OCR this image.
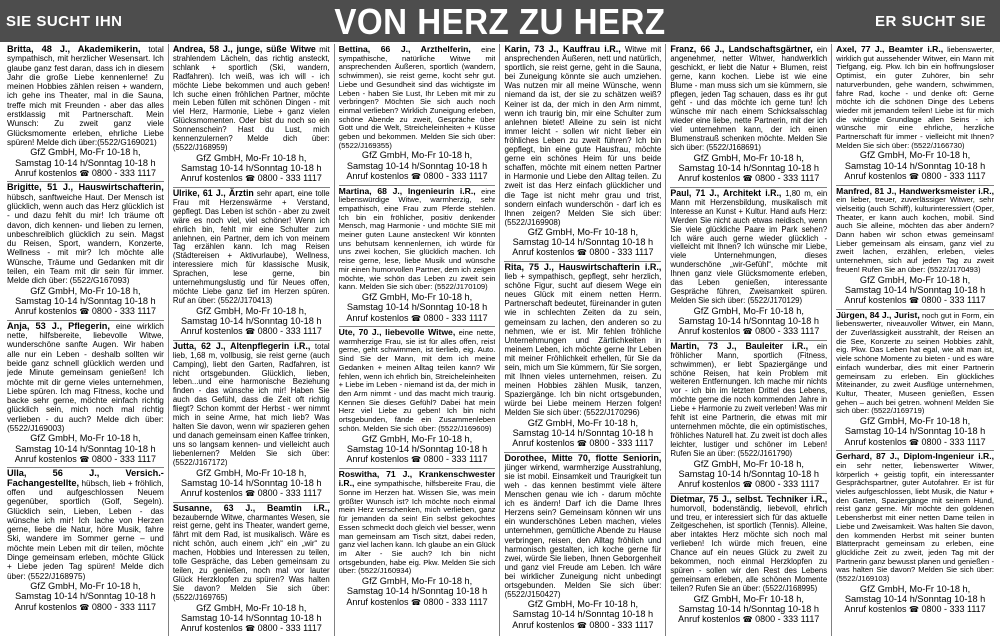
SIE SUCHT IHN	VON HERZ ZU HERZ	ER SUCHT SIE

Britta, 48 J., Akademikerin, total sympathisch, mit herzlicher Wesensart. Ich glaube ganz fest daran, dass ich in diesem Jahr die große Liebe kennenlerne! Zu meinen Hobbies zählen reisen + wandern, ich gehe ins Theater, mal in die Sauna, treffe mich mit Freunden - aber das alles erstklassig mit Partnerschaft. Mein Wunsch: Zu zweit ganz viele Glücksmomente erleben, ehrliche Liebe spüren! Melde dich über:(5522/G169021)

GfZ GmbH, Mo-Fr 10-18 h,
Samstag 10-14 h/Sonntag 10-18 h
Anruf kostenlos ☎ 0800 - 333 1117

Brigitte, 51 J., Hauswirtschafterin, hübsch, sanftweiche Haut. Der Mensch ist glücklich, wenn auch das Herz glücklich ist - und dazu fehlt du mir! Ich träume oft davon, dich kennen- und lieben zu lernen, unbeschreiblich glücklich zu sein. Magst du Reisen, Sport, wandern, Konzerte, Wellness - mit mir? Ich möchte alle Wünsche, Träume und Gedanken mit dir teilen, ein Team mit dir sein für immer. Melde dich über: (5522/G167093)

GfZ GmbH, Mo-Fr 10-18 h,
Samstag 10-14 h/Sonntag 10-18 h
Anruf kostenlos ☎ 0800 - 333 1117

Anja, 53 J., Pflegerin, eine wirklich nette, hilfsbereite, liebevolle Witwe, wunderschöne sanfte Augen. Wir haben alle nur ein Leben - deshalb sollten wir beide ganz schnell glücklich werden und jede Minute gemeinsam genießen! Ich möchte mit dir gerne vieles unternehmen, Liebe spüren. Ich mag Fitness, koche und backe sehr gerne, möchte einfach richtig glücklich sein, mich noch mal richtig verlieben - du auch? Melde dich über: (5522/J169003)

GfZ GmbH, Mo-Fr 10-18 h,
Samstag 10-14 h/Sonntag 10-18 h
Anruf kostenlos ☎ 0800 - 333 1117

Ulla, 56 J., Versich.-Fachangestellte, hübsch, lieb + fröhlich, offen und aufgeschlossen Neuem gegenüber, sportlich (Golf, Segeln). Glücklich sein, Lieben, Leben - das wünsche ich mir! Ich lache von Herzen gerne, liebe die Natur, höre Musik, fahre Ski, wandere im Sommer gerne – und möchte mein Leben mit dir teilen, möchte Dinge gemeinsam erleben, möchte Glück + Liebe jeden Tag spüren! Melde dich über: (5522/J168975)

GfZ GmbH, Mo-Fr 10-18 h,
Samstag 10-14 h/Sonntag 10-18 h
Anruf kostenlos ☎ 0800 - 333 1117

Andrea, 58 J., junge, süße Witwe mit strahlendem Lächeln, das richtig ansteckt, schlank + sportlich (Ski, wandern, Radfahren). Ich weiß, was ich will - ich möchte Liebe bekommen und auch geben! Ich suche einen fröhlichen Partner, möchte mein Leben füllen mit schönen Dingen - mit viel Herz, Harmonie, Liebe + ganz vielen Glücksmomenten. Oder bist du noch so ein Sonnenschein? Hast du Lust, mich kennenzulernen? Melde dich über: (5522/J168959)

GfZ GmbH, Mo-Fr 10-18 h,
Samstag 10-14 h/Sonntag 10-18 h
Anruf kostenlos ☎ 0800 - 333 1117

Ulrike, 61 J., Ärztin sehr apart, eine tolle Frau mit Herzenswärme + Verstand, gepflegt. Das Leben ist schön - aber zu zweit wäre es noch viel, viel schöner! Wenn ich ehrlich bin, fehlt mir eine Schulter zum anlehnen, ein Partner, dem ich von meinem Tag erzählen kann. Ich mag Reisen (Städtereisen + Aktivurlaube), Wellness, interessiere mich für klassische Musik, Sprachen, lese gerne, bin unternehmungslustig und für Neues offen, möchte Liebe ganz tief im Herzen spüren. Ruf an über: (5522/J170413)

GfZ GmbH, Mo-Fr 10-18 h,
Samstag 10-14 h/Sonntag 10-18 h
Anruf kostenlos ☎ 0800 - 333 1117

Jutta, 62 J., Altenpflegerin i.R., total lieb, 1,68 m, vollbusig, sie reist gerne (auch Camping), liebt den Garten, Radfahren, ist nicht ortsgebunden. Glücklich, lieben, leben...und eine harmonische Beziehung finden - das wünsche ich mir! Haben Sie auch das Gefühl, dass die Zeit oft richtig fliegt? Schon kommt der Herbst - wer nimmt mich in seine Arme, hat mich lieb? Was halten Sie davon, wenn wir spazieren gehen und danach gemeinsam einen Kaffee trinken, uns so langsam kennen- und vielleicht auch liebenlernen? Melden Sie sich über: (5522/J167172)

GfZ GmbH, Mo-Fr 10-18 h,
Samstag 10-14 h/Sonntag 10-18 h
Anruf kostenlos ☎ 0800 - 333 1117

Susanne, 63 J., Beamtin i.R., bezaubernde Witwe, charmantes Wesen, sie reist gerne, geht ins Theater, wandert gerne, fährt mit dem Rad, ist musikalisch. Wäre es nicht schön, auch einem „ich“ ein „wir“ zu machen, Hobbies und Interessen zu teilen, tolle Gespräche, das Leben gemeinsam zu teilen, zu genießen, noch mal vor lauter Glück Herzklopfen zu spüren? Was halten Sie davon? Melden Sie sich über: (5522/J169765)

GfZ GmbH, Mo-Fr 10-18 h,
Samstag 10-14 h/Sonntag 10-18 h
Anruf kostenlos ☎ 0800 - 333 1117

Bettina, 66 J., Arzthelferin, eine sympathische, natürliche Witwe mit ansprechenden Äußeren, sportlich (wandern, schwimmen), sie reist gerne, kocht sehr gut. Liebe und Gesundheit sind das wichtigste im Leben - haben Sie Lust, Ihr Leben mit mir zu verbringen? Möchten Sie sich auch noch einmal verlieben? Wirklich Zuneigung erleben, schöne Abende zu zweit, Gespräche über Gott und die Welt, Streicheleinheiten + Küsse geben und bekommen. Melden Sie sich über: (5522/J169355)

GfZ GmbH, Mo-Fr 10-18 h,
Samstag 10-14 h/Sonntag 10-18 h
Anruf kostenlos ☎ 0800 - 333 1117

Martina, 68 J., Ingenieurin i.R., eine liebenswürdige Witwe, warmherzig, sehr empathisch, eine Frau zum Pferde stehlen. Ich bin ein fröhlicher, positiv denkender Mensch, mag Harmonie - und möchte SIE mit meiner guten Laune anstecken! Wir könnten uns behutsam kennenlernen, ich würde für uns zwei kochen, Sie glücklich machen. Ich reise gerne, lese, liebe Musik und wünsche mir einen humorvollen Partner, dem ich zeigen möchte, wie schön das Leben zu zweit sein kann. Melden Sie sich über: (5522/J170109)

GfZ GmbH, Mo-Fr 10-18 h,
Samstag 10-14 h/Sonntag 10-18 h
Anruf kostenlos ☎ 0800 - 333 1117

Ute, 70 J., liebevolle Witwe, eine nette, warmherzige Frau, sie ist für alles offen, reist gerne, geht schwimmen, ist tierlieb, eig. Auto. Sind Sie der Mann, mit dem ich meine Gedanken + meinen Alltag teilen kann? Wir fehlen, wenn ich ehrlich bin, Streicheleinheiten + Liebe im Leben - niemand ist da, der mich in den Arm nimmt - und das macht mich traurig. Kennen Sie dieses Gefühl? Dabei hat mein Herz viel Liebe zu geben! Ich bin nicht ortsgebunden, fände ein Zusammenleben schön. Melden Sie sich über: (5522/J169609)

GfZ GmbH, Mo-Fr 10-18 h,
Samstag 10-14 h/Sonntag 10-18 h
Anruf kostenlos ☎ 0800 - 333 1117

Roswitha, 71 J., Krankenschwester i.R., eine sympathische, hilfsbereite Frau, die Sonne im Herzen hat. Wissen Sie, was mein größter Wunsch ist? Ich möchte noch einmal mein Herz verschenken, mich verlieben, ganz für jemanden da sein! Ein selbst gekochtes Essen schmeckt doch gleich viel besser, wenn man gemeinsam am Tisch sitzt, dabei reden, ganz viel lachen kann. Ich glaube an ein Glück im Alter - Sie auch? Ich bin nicht ortsgebunden, habe eig. Pkw. Melden Sie sich über: (5522/J160934)

GfZ GmbH, Mo-Fr 10-18 h,
Samstag 10-14 h/Sonntag 10-18 h
Anruf kostenlos ☎ 0800 - 333 1117

Karin, 73 J., Kauffrau i.R., Witwe mit ansprechenden Äußeren, nett und natürlich, sportlich, sie reist gerne, geht in die Sauna, bei Zuneigung könnte sie auch umziehen. Was nutzen mir all meine Wünsche, wenn niemand da ist, der sie zu schätzen weiß? Keiner ist da, der mich in den Arm nimmt, wenn ich traurig bin, mir eine Schulter zum anlehnen bietet! Alleine zu sein ist nicht immer leicht - sollen wir nicht lieber ein fröhliches Leben zu zweit führen? Ich bin gepflegt, bin eine gute Hausfrau, möchte gerne ein schönes Heim für uns beide schaffen, möchte mit einem netten Partner in Harmonie und Liebe den Alltag teilen. Zu zweit ist das Herz einfach glücklicher und die Tage ist nicht mehr grau und trist, sondern einfach wunderschön - darf ich es Ihnen zeigen? Melden Sie sich über: (5522/J169908)

GfZ GmbH, Mo-Fr 10-18 h,
Samstag 10-14 h/Sonntag 10-18 h
Anruf kostenlos ☎ 0800 - 333 1117

Rita, 75 J., Hauswirtschafterin i.R., lieb + sympathisch, gepflegt, sehr herzlich, schöne Figur, sucht auf diesem Wege ein neues Glück mit einem netten Herrn. Partnerschaft bedeutet, füreinander in guten wie in schlechten Zeiten da zu sein, gemeinsam zu lachen, den anderen so zu nehmen, wie er ist. Mir fehlen fröhliche Unternehmungen und Zärtlichkeiten in meinem Leben, ich möchte gerne Ihr Leben mit meiner Fröhlichkeit erhellen, für Sie da sein, mich um Sie kümmern, für Sie sorgen, mit Ihnen vieles unternehmen, reisen. Zu meinen Hobbies zählen Musik, tanzen, Spaziergänge. Ich bin nicht ortsgebunden, würde bei Liebe meinem Herzen folgen! Melden Sie sich über: (5522/J170296)

GfZ GmbH, Mo-Fr 10-18 h,
Samstag 10-14 h/Sonntag 10-18 h
Anruf kostenlos ☎ 0800 - 333 1117

Dorothee, Mitte 70, flotte Seniorin, jünger wirkend, warmherzige Ausstrahlung, sie ist mobil. Einsamkeit und Traurigkeit tun weh - das kennen bestimmt viele ältere Menschen genau wie ich - darum möchte ich es ändern! Darf ich die Dame Ihres Herzens sein? Gemeinsam können wir uns ein wunderschönes Leben machen, vieles unternehmen, gemütliche Abende zu Hause verbringen, reisen, den Alltag fröhlich und harmonisch gestalten, ich koche gerne für zwei, würde Sie lieben, Ihnen Geborgenheit und ganz viel Freude am Leben. Ich wäre bei wirklicher Zuneigung nicht unbedingt ortsgebunden. Melden Sie sich über: (5522/J150427)

GfZ GmbH, Mo-Fr 10-18 h,
Samstag 10-14 h/Sonntag 10-18 h
Anruf kostenlos ☎ 0800 - 333 1117

Franz, 66 J., Landschaftsgärtner, ein angenehmer, netter Witwer, handwerklich geschickt, er liebt die Natur + Blumen, reist gerne, kann kochen. Liebe ist wie eine Blume - man muss sich um sie kümmern, sie pflegen, jeden Tag schauen, dass es ihr gut geht - und das möchte ich gerne tun! Ich wünsche mir nach einem Schicksalsschlag wieder eine liebe, nette Partnerin, mit der ich viel unternehmen kann, der ich einen Blumenstrauß schenken möchte. Melden Sie sich über: (5522/J168691)

GfZ GmbH, Mo-Fr 10-18 h,
Samstag 10-14 h/Sonntag 10-18 h
Anruf kostenlos ☎ 0800 - 333 1117

Paul, 71 J., Architekt i.R., 1,80 m, ein Mann mit Herzensbildung, musikalisch mit Interesse an Kunst + Kultur. Hand aufs Herz: Werden Sie nicht auch etwas neidisch, wenn Sie viele glückliche Paare im Park sehen? Ich wäre auch gerne wieder glücklich - vielleicht mit Ihnen? Ich wünsche mir Liebe, viele Unternehmungen, dieses wunderschöne „wir-Gefühl“, möchte mit Ihnen ganz viele Glücksmomente erleben, das Leben genießen, interessante Gespräche führen, Zweisamkeit spüren. Melden Sie sich über: (5522/J170129)

GfZ GmbH, Mo-Fr 10-18 h,
Samstag 10-14 h/Sonntag 10-18 h
Anruf kostenlos ☎ 0800 - 333 1117

Martin, 73 J., Bauleiter i.R., ein fröhlicher Mann, sportlich (Fitness, schwimmen), er liebt Spaziergänge und schöne Reisen, hat kein Problem mit weiteren Entfernungen. Ich mache mir nichts vor - ich bin im letzten Drittel des Lebens, möchte gerne die noch kommenden Jahre in Liebe + Harmonie zu zweit verleben! Was mir fehlt ist eine Partnerin, die etwas mit mir unternehmen möchte, die ein optimistisches, fröhliches Naturell hat. Zu zweit ist doch alles leichter, lustiger und schöner im Leben! Rufen Sie an über: (5522/J161790)

GfZ GmbH, Mo-Fr 10-18 h,
Samstag 10-14 h/Sonntag 10-18 h
Anruf kostenlos ☎ 0800 - 333 1117

Dietmar, 75 J., selbst. Techniker i.R., humorvoll, bodenständig, liebevoll, ehrlich und treu, er interessiert sich für das aktuelle Zeitgeschehen, ist sportlich (Tennis). Alleine, aber intaktes Herz möchte sich noch mal verlieben! Ich würde mich freuen, eine Chance auf ein neues Glück zu zweit zu bekommen, noch einmal Herzklopfen zu spüren - sollen wir den Rest des Lebens gemeinsam erleben, alle schönen Momente teilen? Rufen Sie an über: (5522/J168995)

GfZ GmbH, Mo-Fr 10-18 h,
Samstag 10-14 h/Sonntag 10-18 h
Anruf kostenlos ☎ 0800 - 333 1117

Axel, 77 J., Beamter i.R., liebenswerter, wirklich gut aussehender Witwer, ein Mann mit Tiefgang, eig. Pkw. Ich bin ein hoffnungsloser Optimist, ein guter Zuhörer, bin sehr naturverbunden, gehe wandern, schwimmen, fahre Rad, koche - und denke oft: Gerne möchte ich die schönen Dinge des Lebens wieder mit jemandem teilen! Liebe ist für mich die wichtige Grundlage allen Seins - ich wünsche mir eine ehrliche, herzliche Partnerschaft für immer - vielleicht mit Ihnen? Melden Sie sich über: (5522/J166730)

GfZ GmbH, Mo-Fr 10-18 h,
Samstag 10-14 h/Sonntag 10-18 h
Anruf kostenlos ☎ 0800 - 333 1117

Manfred, 81 J., Handwerksmeister i.R., ein lieber, treuer, zuverlässiger Witwer, sehr vielseitig (auch Schiff), kulturinteressiert (Oper, Theater, er kann auch kochen, mobil. Sind auch Sie alleine, möchten das aber ändern? Dann haben wir schon etwas gemeinsam! Lieber gemeinsam als einsam, ganz viel zu zweit lachen, erzählen, erleben, vieles unternehmen, sich auf jeden Tag zu zweit freuen! Rufen Sie an über: (5522/J170493)

GfZ GmbH, Mo-Fr 10-18 h,
Samstag 10-14 h/Sonntag 10-18 h
Anruf kostenlos ☎ 0800 - 333 1117

Jürgen, 84 J., Jurist, noch gut in Form, ein liebenswerter, niveauvoller Witwer, ein Mann, der Zuverlässigkeit ausstrahlt, der Reisen an die See, Konzerte zu seinen Hobbies zählt, eig. Pkw. Das Leben hat egal, wie alt man ist, viele schöne Momente zu bieten - und es wäre einfach wunderbar, dies mit einer Partnerin gemeinsam zu erleben. Ein glückliches Miteinander, zu zweit Ausflüge unternehmen, Kultur, Theater, Museen genießen, Essen gehen – auch bei getren. wohnen! Melden Sie sich über: (5522/J169719)

GfZ GmbH, Mo-Fr 10-18 h,
Samstag 10-14 h/Sonntag 10-18 h
Anruf kostenlos ☎ 0800 - 333 1117

Gerhard, 87 J., Diplom-Ingenieur i.R., ein sehr netter, liebenswerter Witwer, körperlich + geistig topfit, ein interessanter Gesprächspartner, guter Autofahrer. Er ist für vieles aufgeschlossen, liebt Musik, die Natur + den Garten, Spaziergänge mit seinem Hund, reist ganz gerne. Mir möchte den goldenen Lebensherbst mit einer netten Dame teilen in Liebe und Zweisamkeit. Was halten Sie davon, den kommenden Herbst mit seiner bunten Blätterpracht gemeinsam zu erleben, eine glückliche Zeit zu zweit, jeden Tag mit der Partnerin ganz bewusst planen und genießen - was halten Sie davon? Melden Sie sich über: (5522/J169103)

GfZ GmbH, Mo-Fr 10-18 h,
Samstag 10-14 h/Sonntag 10-18 h
Anruf kostenlos ☎ 0800 - 333 1117
